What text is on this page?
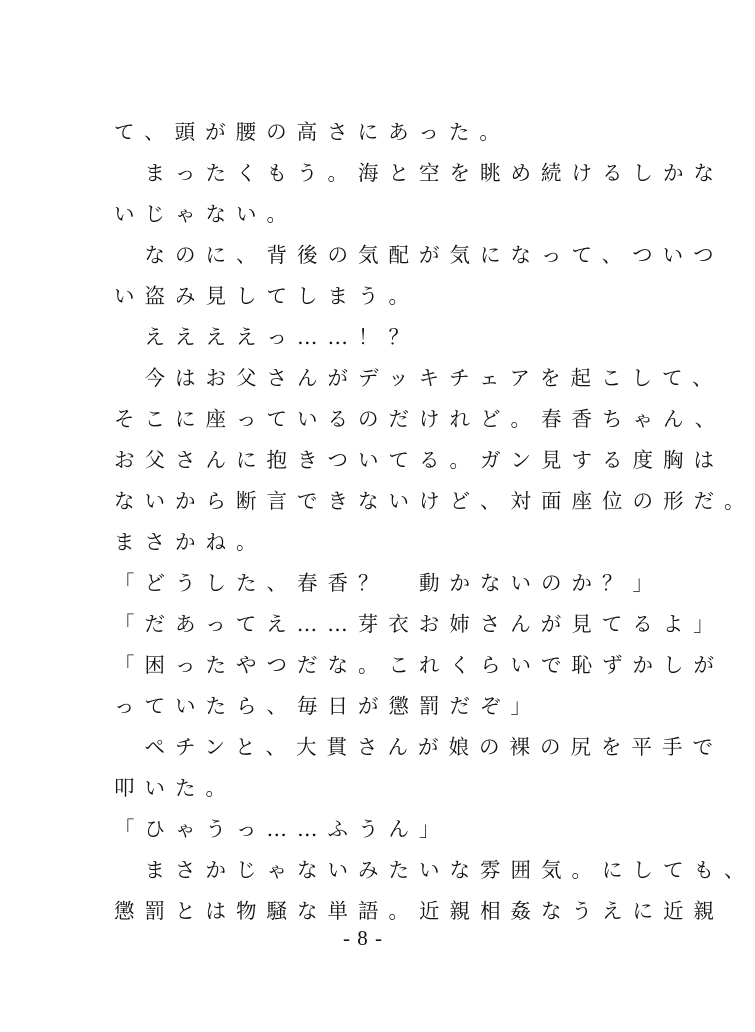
て、頭が腰の高さにあった。
　まったくもう。海と空を眺め続けるしかな
いじゃない。
　なのに、背後の気配が気になって、ついつ
い盗み見してしまう。
　ええええっ……！？
　今はお父さんがデッキチェアを起こして、
そこに座っているのだけれど。春香ちゃん、
お父さんに抱きついてる。ガン見する度胸は
ないから断言できないけど、対面座位の形だ。
まさかね。
「どうした、春香？　動かないのか？」
「だあってえ……芽衣お姉さんが見てるよ」
「困ったやつだな。これくらいで恥ずかしが
っていたら、毎日が懲罰だぞ」
　ペチンと、大貫さんが娘の裸の尻を平手で
叩いた。
「ひゃうっ……ふうん」
　まさかじゃないみたいな雰囲気。にしても、
懲罰とは物騒な単語。近親相姦なうえに近親
- 8 -
